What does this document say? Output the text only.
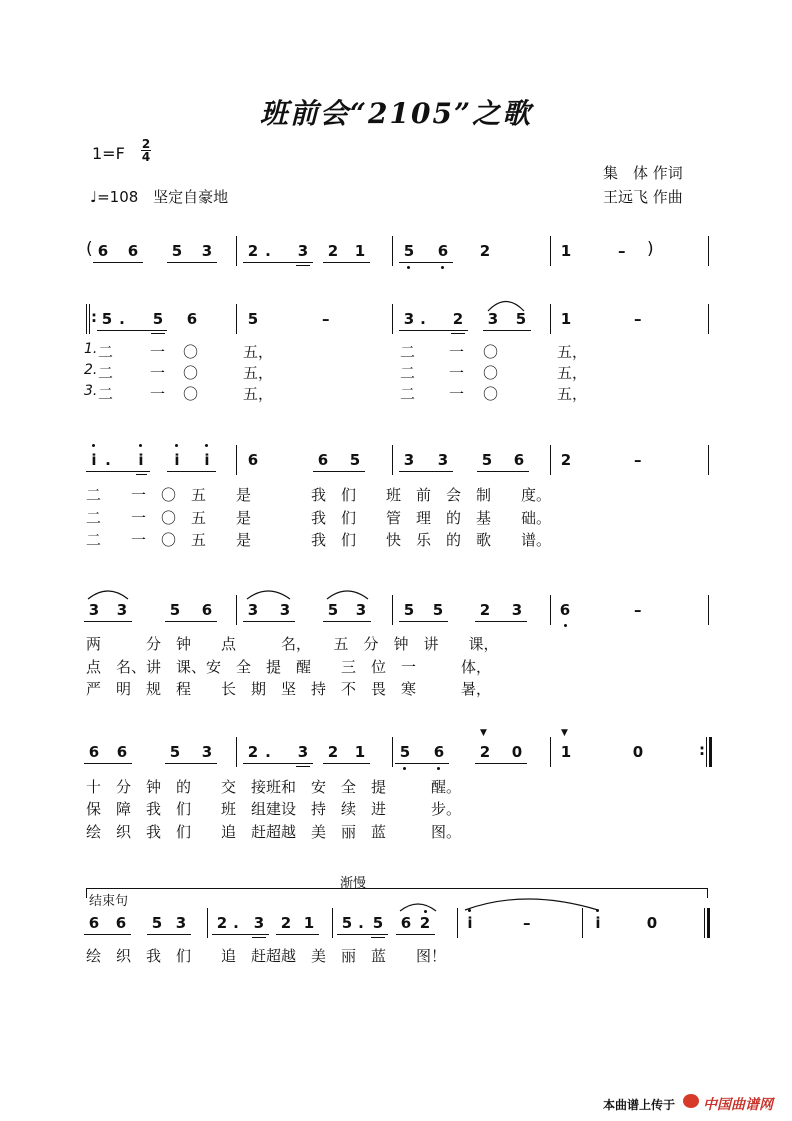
班前会“2105”之歌
1=F 2
4
集　体 作词
王远飞 作曲
♩=108 坚定自豪地
( 6	6	5	3	2 .	3	2	1	5	6	2	1	– )
: 5 .	5	6	5	–	3 .	2	3	5	1	–
1. 二 一 〇	五，	二 一 〇	五，
2. 二 一 〇	五，	二 一 〇	五，
3. 二 一 〇	五，	二 一 〇	五，
i .	i	i	i	6	6	5	3	3	5	6	2	–
二　　一　〇　五　　是　　　　我　们　　班　前　会　制　　度。
二　　一　〇　五　　是　　　　我　们　　管　理　的　基　　础。
二　　一　〇　五　　是　　　　我　们　　快　乐　的　歌　　谱。
3	3	5	6	3	3	5	3	5	5	2	3	6	–
两　　　分　钟　　点　　　名，　　五　分　钟　讲　　课，
点　名、讲　课、安　全　提　醒　　三　位　一　　　体，
严　明　规　程　　长　期　坚　持　不　畏　寒　　　暑，
6	6	5	3	2 .	3	2	1	5	6	2	0
▼	▼
1	0	:
十　分　钟　的　　交　接班和　安　全　提　　　醒。
保　障　我　们　　班　组建设　持　续　进　　　步。
绘　织　我　们　　追　赶超越　美　丽　蓝　　　图。
结束句
渐慢
6	6	5 3	2 . 3	2 1	5 . 5	6 2	i	–	i	0
绘　织　我　们　　追　赶超越　美　丽　蓝　　图！
本曲谱上传于 中国曲谱网
